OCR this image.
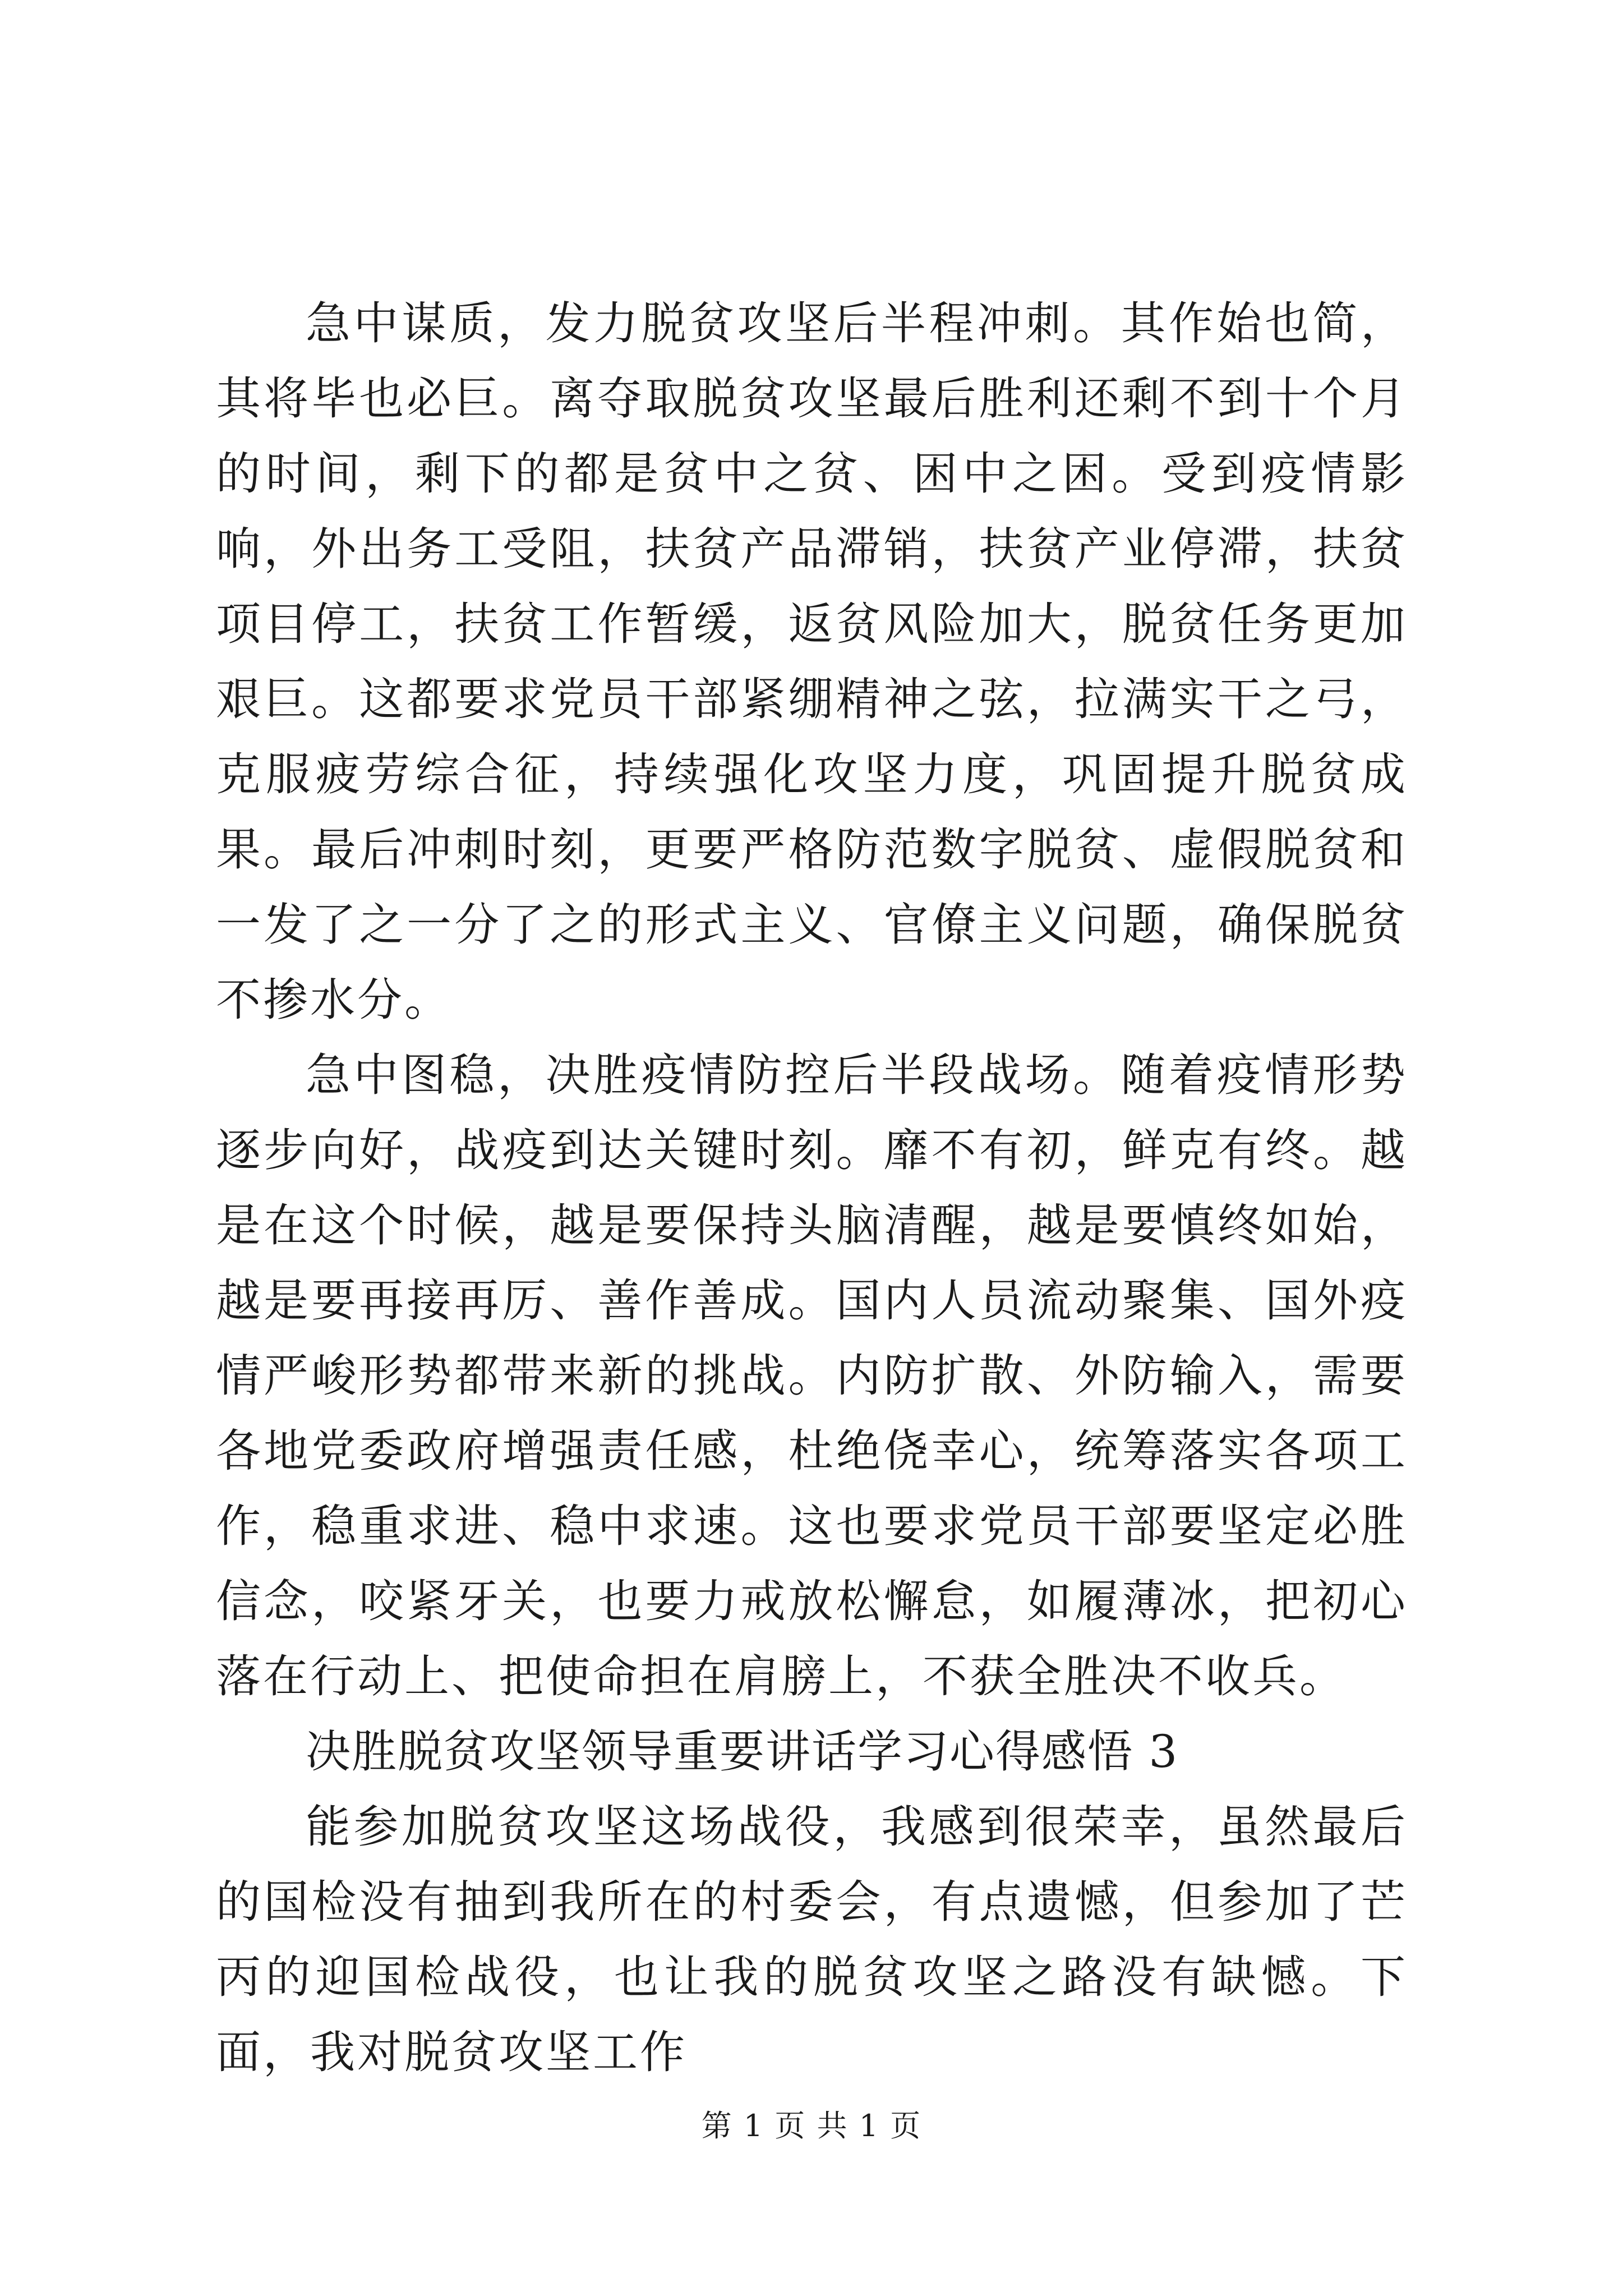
急中谋质，发力脱贫攻坚后半程冲刺。其作始也简，其将毕也必巨。离夺取脱贫攻坚最后胜利还剩不到十个月的时间，剩下的都是贫中之贫、困中之困。受到疫情影响，外出务工受阻，扶贫产品滞销，扶贫产业停滞，扶贫项目停工，扶贫工作暂缓，返贫风险加大，脱贫任务更加艰巨。这都要求党员干部紧绷精神之弦，拉满实干之弓，克服疲劳综合征，持续强化攻坚力度，巩固提升脱贫成果。最后冲刺时刻，更要严格防范数字脱贫、虚假脱贫和一发了之一分了之的形式主义、官僚主义问题，确保脱贫不掺水分。

急中图稳，决胜疫情防控后半段战场。随着疫情形势逐步向好，战疫到达关键时刻。靡不有初，鲜克有终。越是在这个时候，越是要保持头脑清醒，越是要慎终如始，越是要再接再厉、善作善成。国内人员流动聚集、国外疫情严峻形势都带来新的挑战。内防扩散、外防输入，需要各地党委政府增强责任感，杜绝侥幸心，统筹落实各项工作，稳重求进、稳中求速。这也要求党员干部要坚定必胜信念，咬紧牙关，也要力戒放松懈怠，如履薄冰，把初心落在行动上、把使命担在肩膀上，不获全胜决不收兵。

决胜脱贫攻坚领导重要讲话学习心得感悟 3

能参加脱贫攻坚这场战役，我感到很荣幸，虽然最后的国检没有抽到我所在的村委会，有点遗憾，但参加了芒丙的迎国检战役，也让我的脱贫攻坚之路没有缺憾。下面，我对脱贫攻坚工作

第 1 页 共 1 页
